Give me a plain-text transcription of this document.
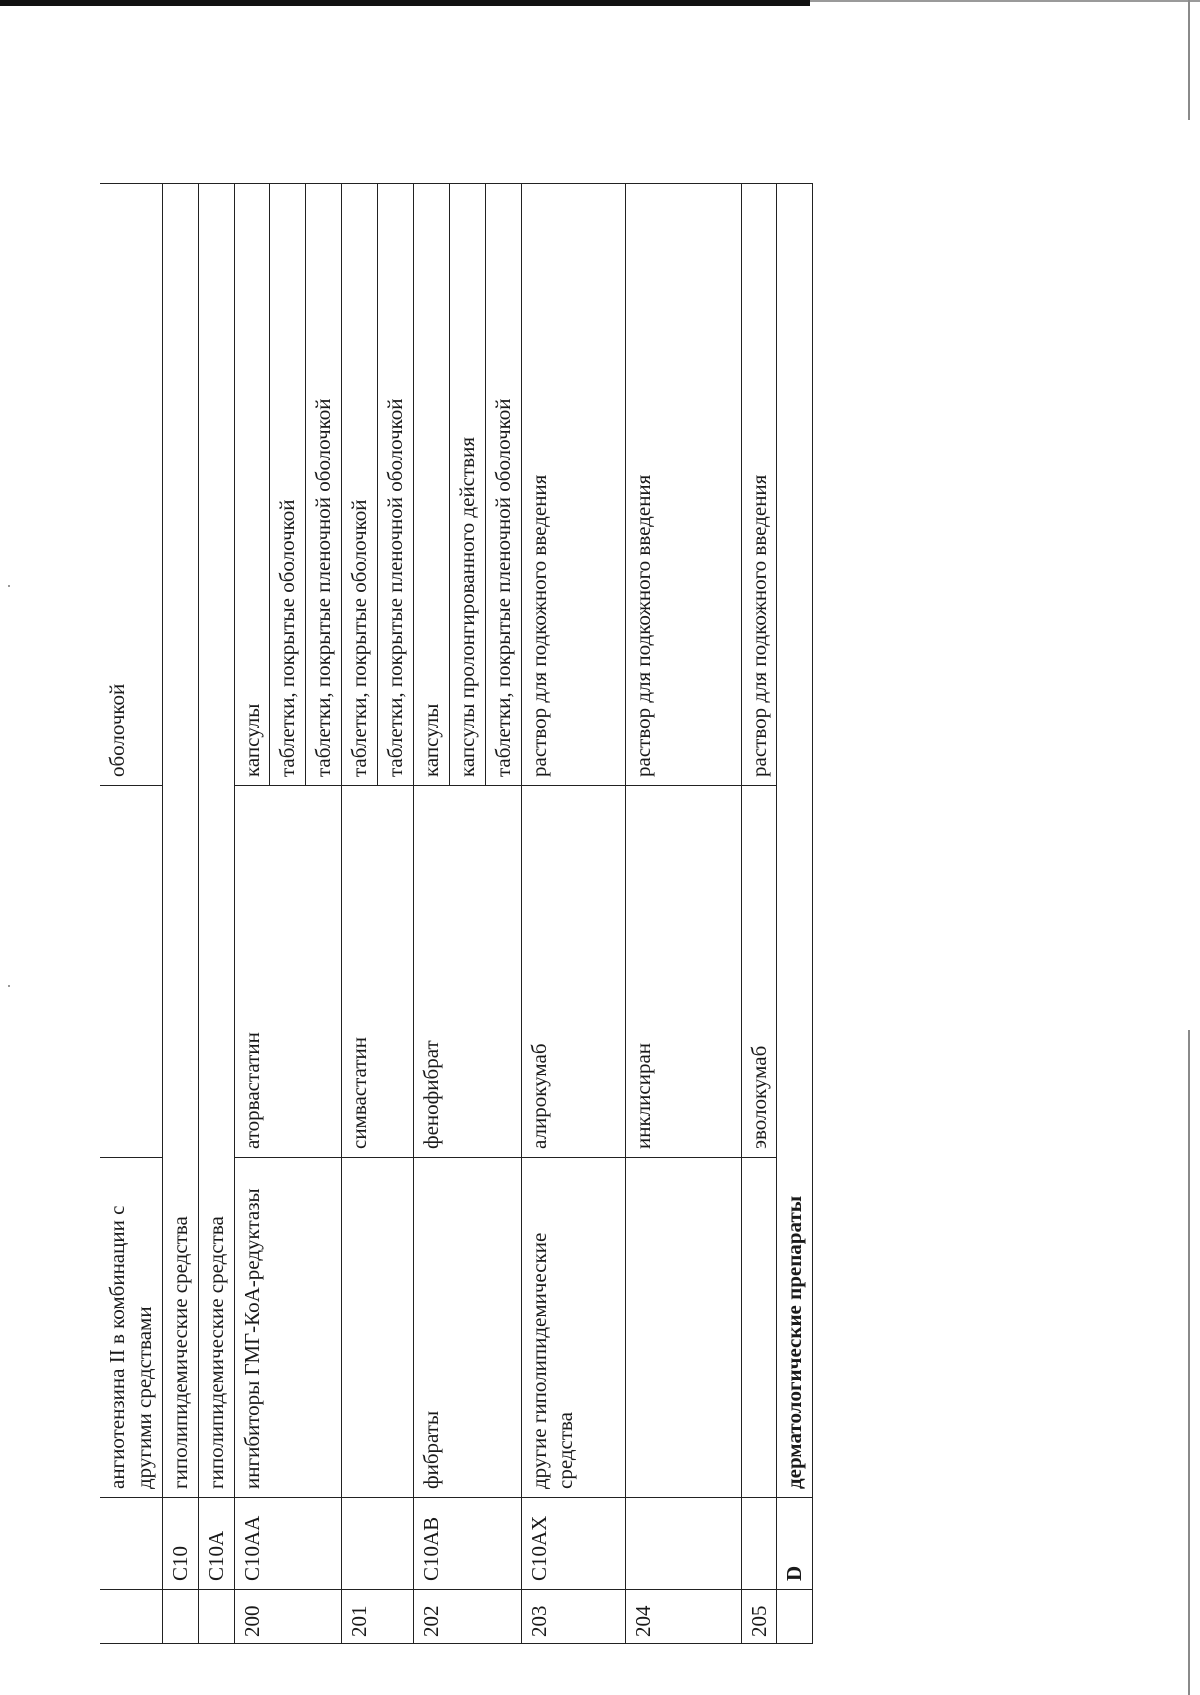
		ангиотензина II в комбинации с другими средствами		оболочкой
	C10	гиполипидемические средства		
	C10A	гиполипидемические средства		
200	C10AA	ингибиторы ГМГ-КоА-редуктазы	аторвастатин	капсулы
				таблетки, покрытые оболочкой
				таблетки, покрытые пленочной оболочкой
201			симвастатин	таблетки, покрытые оболочкой
				таблетки, покрытые пленочной оболочкой
202	C10AB	фибраты	фенофибрат	капсулы
				капсулы пролонгированного действия
				таблетки, покрытые пленочной оболочкой
203	C10AX	другие гиполипидемические средства	алирокумаб	раствор для подкожного введения
204			инклисиран	раствор для подкожного введения
205			эволокумаб	раствор для подкожного введения
	D	дерматологические препараты		
